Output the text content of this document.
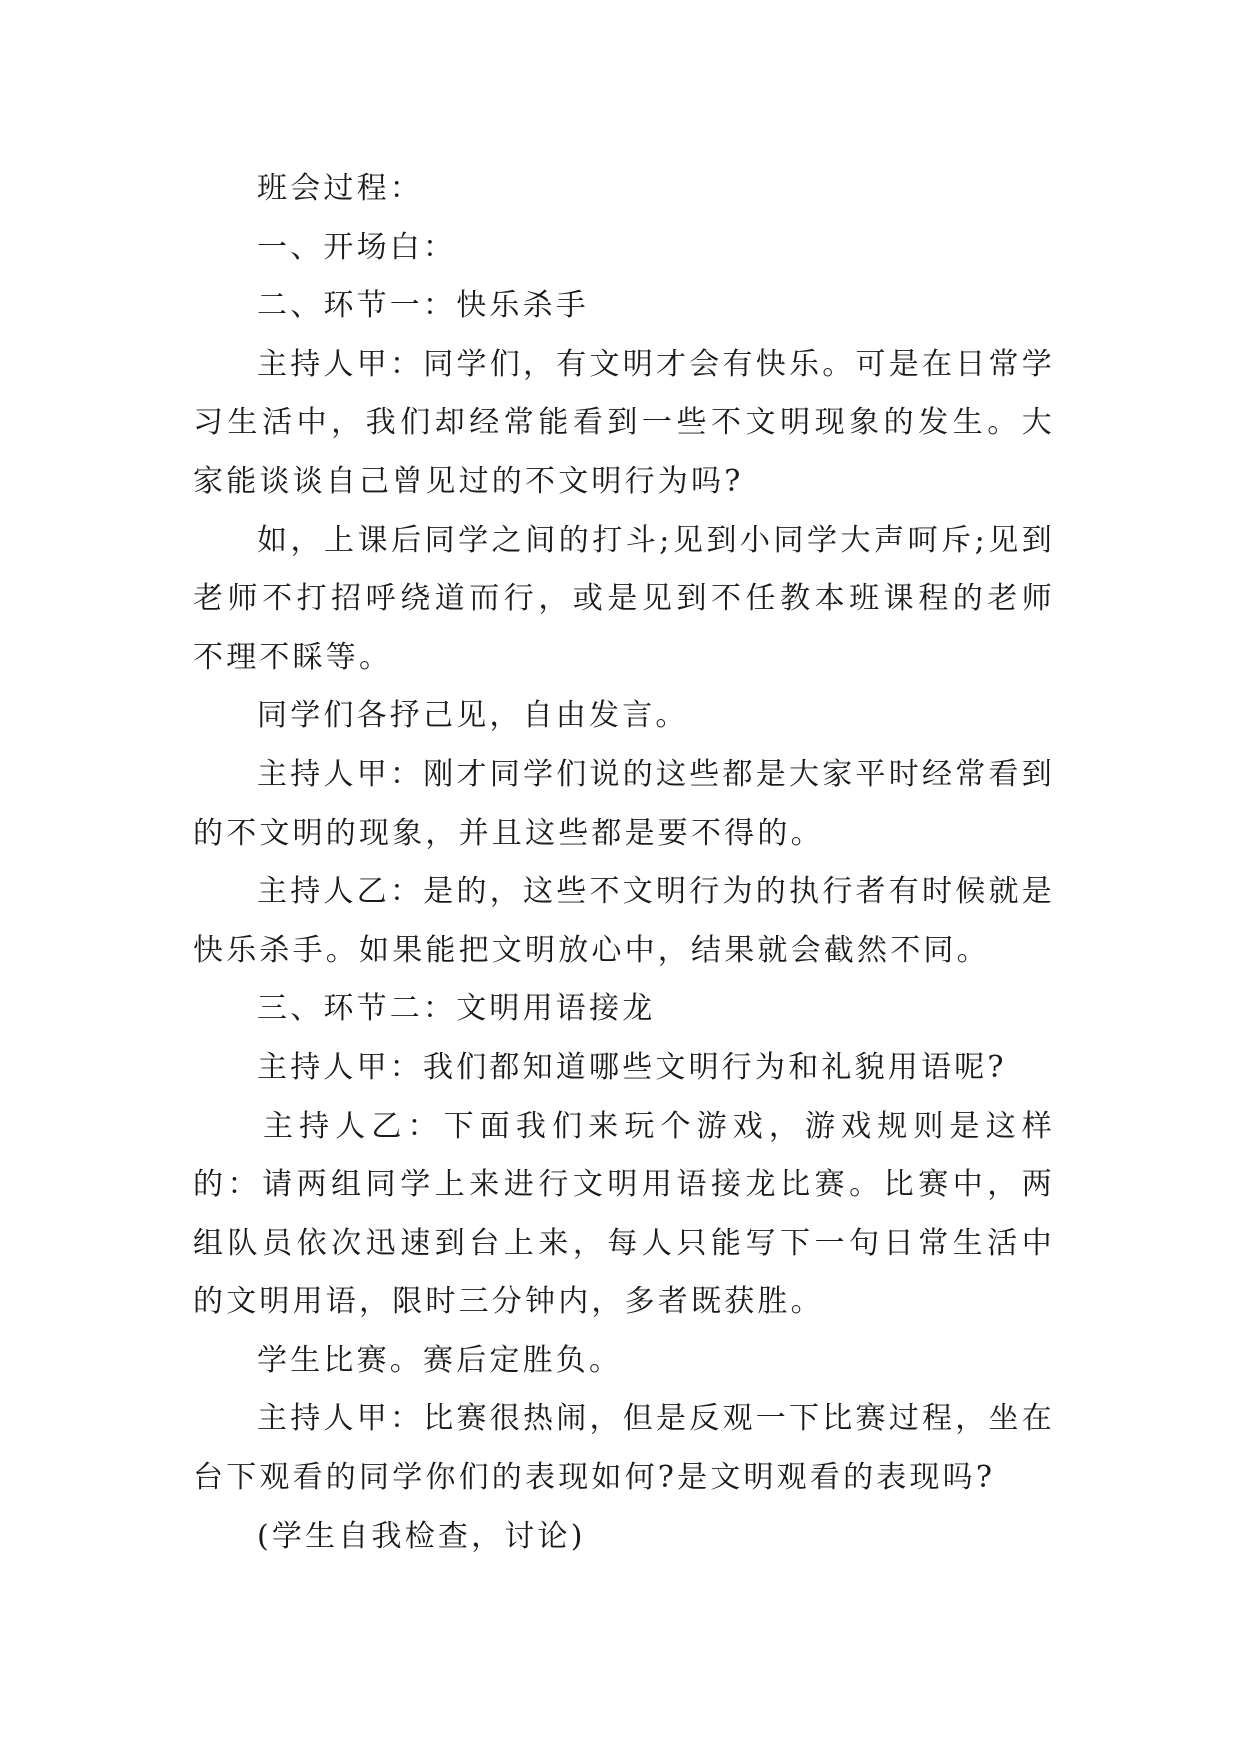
班会过程：

一、开场白：

二、环节一：快乐杀手

主持人甲：同学们，有文明才会有快乐。可是在日常学习生活中，我们却经常能看到一些不文明现象的发生。大家能谈谈自己曾见过的不文明行为吗?

如，上课后同学之间的打斗;见到小同学大声呵斥;见到老师不打招呼绕道而行，或是见到不任教本班课程的老师不理不睬等。

同学们各抒己见，自由发言。

主持人甲：刚才同学们说的这些都是大家平时经常看到的不文明的现象，并且这些都是要不得的。

主持人乙：是的，这些不文明行为的执行者有时候就是快乐杀手。如果能把文明放心中，结果就会截然不同。

三、环节二：文明用语接龙

主持人甲：我们都知道哪些文明行为和礼貌用语呢?

主持人乙：下面我们来玩个游戏，游戏规则是这样的：请两组同学上来进行文明用语接龙比赛。比赛中，两组队员依次迅速到台上来，每人只能写下一句日常生活中的文明用语，限时三分钟内，多者既获胜。

学生比赛。赛后定胜负。

主持人甲：比赛很热闹，但是反观一下比赛过程，坐在台下观看的同学你们的表现如何?是文明观看的表现吗?

(学生自我检查，讨论)
